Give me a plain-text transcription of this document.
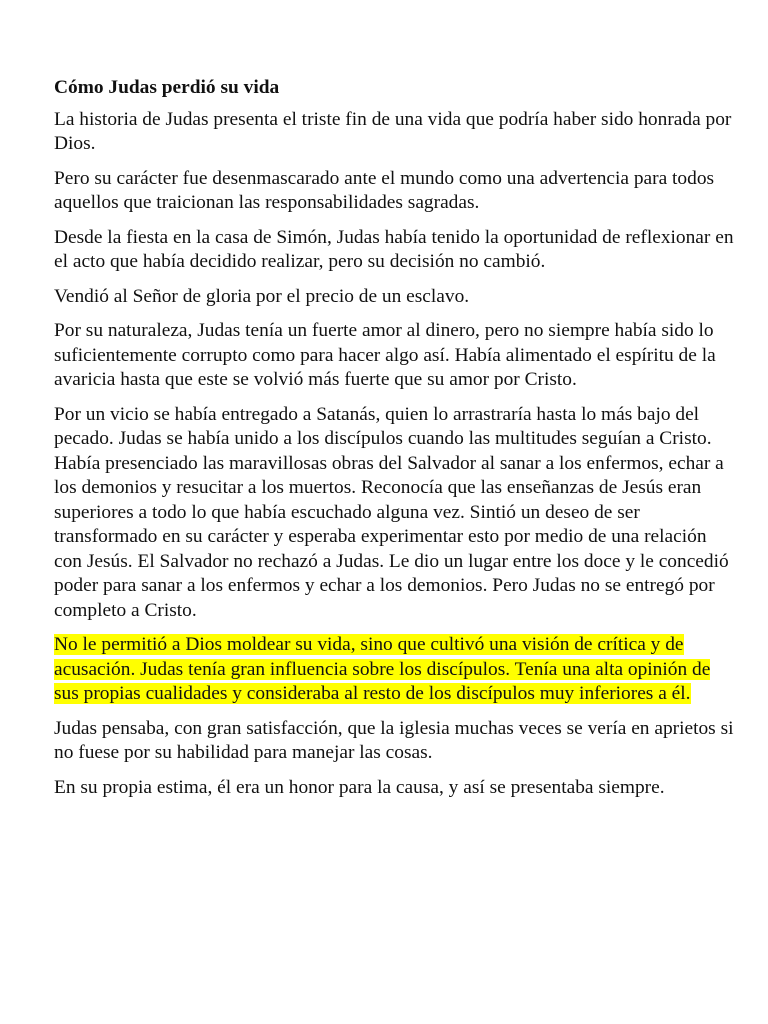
Cómo Judas perdió su vida

La historia de Judas presenta el triste fin de una vida que podría haber sido honrada por Dios.

Pero su carácter fue desenmascarado ante el mundo como una advertencia para todos aquellos que traicionan las responsabilidades sagradas.

Desde la fiesta en la casa de Simón, Judas había tenido la oportunidad de reflexionar en el acto que había decidido realizar, pero su decisión no cambió.

Vendió al Señor de gloria por el precio de un esclavo.

Por su naturaleza, Judas tenía un fuerte amor al dinero, pero no siempre había sido lo suficientemente corrupto como para hacer algo así. Había alimentado el espíritu de la avaricia hasta que este se volvió más fuerte que su amor por Cristo.

Por un vicio se había entregado a Satanás, quien lo arrastraría hasta lo más bajo del pecado. Judas se había unido a los discípulos cuando las multitudes seguían a Cristo. Había presenciado las maravillosas obras del Salvador al sanar a los enfermos, echar a los demonios y resucitar a los muertos. Reconocía que las enseñanzas de Jesús eran superiores a todo lo que había escuchado alguna vez. Sintió un deseo de ser transformado en su carácter y esperaba experimentar esto por medio de una relación con Jesús. El Salvador no rechazó a Judas. Le dio un lugar entre los doce y le concedió poder para sanar a los enfermos y echar a los demonios. Pero Judas no se entregó por completo a Cristo.

No le permitió a Dios moldear su vida, sino que cultivó una visión de crítica y de acusación. Judas tenía gran influencia sobre los discípulos. Tenía una alta opinión de sus propias cualidades y consideraba al resto de los discípulos muy inferiores a él.

Judas pensaba, con gran satisfacción, que la iglesia muchas veces se vería en aprietos si no fuese por su habilidad para manejar las cosas.

En su propia estima, él era un honor para la causa, y así se presentaba siempre.
